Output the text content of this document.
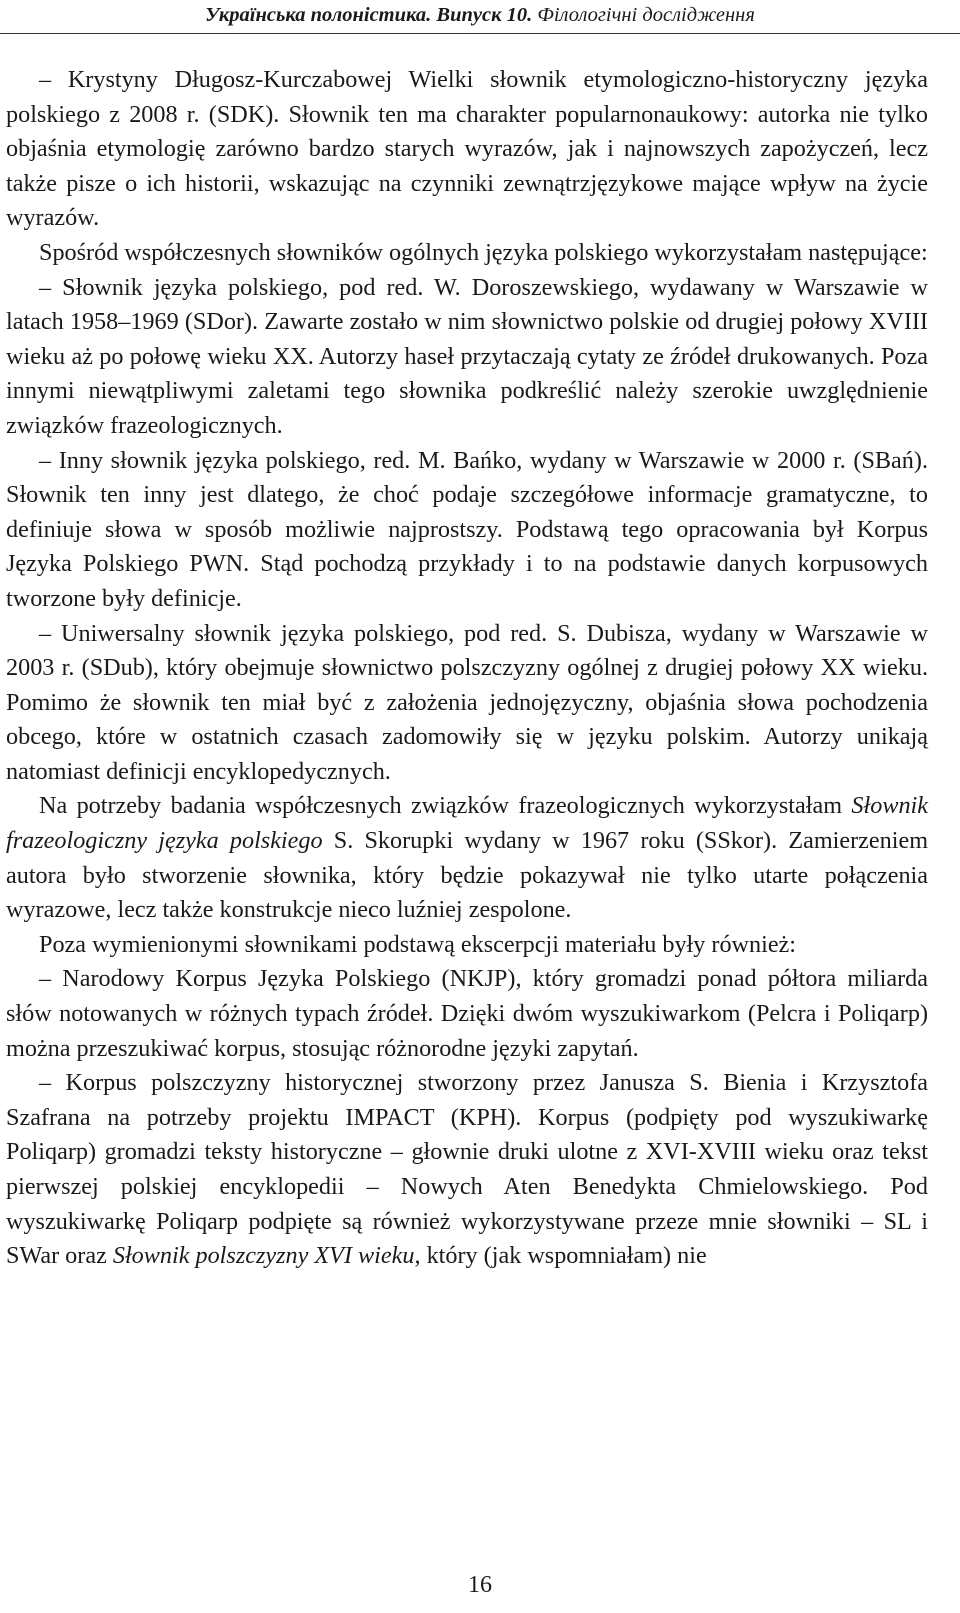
Українська полоністика. Випуск 10. Філологічні дослідження

– Krystyny Długosz-Kurczabowej Wielki słownik etymologiczno-historyczny języka polskiego z 2008 r. (SDK). Słownik ten ma charakter popularnonaukowy: autorka nie tylko objaśnia etymologię zarówno bardzo starych wyrazów, jak i najnowszych zapożyczeń, lecz także pisze o ich historii, wskazując na czynniki zewnątrzjęzykowe mające wpływ na życie wyrazów.

Spośród współczesnych słowników ogólnych języka polskiego wykorzystałam następujące:

– Słownik języka polskiego, pod red. W. Doroszewskiego, wydawany w Warszawie w latach 1958–1969 (SDor). Zawarte zostało w nim słownictwo polskie od drugiej połowy XVIII wieku aż po połowę wieku XX. Autorzy haseł przytaczają cytaty ze źródeł drukowanych. Poza innymi niewątpliwymi zaletami tego słownika podkreślić należy szerokie uwzględnienie związków frazeologicznych.

– Inny słownik języka polskiego, red. M. Bańko, wydany w Warszawie w 2000 r. (SBań). Słownik ten inny jest dlatego, że choć podaje szczegółowe informacje gramatyczne, to definiuje słowa w sposób możliwie najprostszy. Podstawą tego opracowania był Korpus Języka Polskiego PWN. Stąd pochodzą przykłady i to na podstawie danych korpusowych tworzone były definicje.

– Uniwersalny słownik języka polskiego, pod red. S. Dubisza, wydany w Warszawie w 2003 r. (SDub), który obejmuje słownictwo polszczyzny ogólnej z drugiej połowy XX wieku. Pomimo że słownik ten miał być z założenia jednojęzyczny, objaśnia słowa pochodzenia obcego, które w ostatnich czasach zadomowiły się w języku polskim. Autorzy unikają natomiast definicji encyklopedycznych.

Na potrzeby badania współczesnych związków frazeologicznych wykorzystałam Słownik frazeologiczny języka polskiego S. Skorupki wydany w 1967 roku (SSkor). Zamierzeniem autora było stworzenie słownika, który będzie pokazywał nie tylko utarte połączenia wyrazowe, lecz także konstrukcje nieco luźniej zespolone.

Poza wymienionymi słownikami podstawą ekscerpcji materiału były również:

– Narodowy Korpus Języka Polskiego (NKJP), który gromadzi ponad półtora miliarda słów notowanych w różnych typach źródeł. Dzięki dwóm wyszukiwarkom (Pelcra i Poliqarp) można przeszukiwać korpus, stosując różnorodne języki zapytań.

– Korpus polszczyzny historycznej stworzony przez Janusza S. Bienia i Krzysztofa Szafrana na potrzeby projektu IMPACT (KPH). Korpus (podpięty pod wyszukiwarkę Poliqarp) gromadzi teksty historyczne – głownie druki ulotne z XVI-XVIII wieku oraz tekst pierwszej polskiej encyklopedii – Nowych Aten Benedykta Chmielowskiego. Pod wyszukiwarkę Poliqarp podpięte są również wykorzystywane przeze mnie słowniki – SL i SWar oraz Słownik polszczyzny XVI wieku, który (jak wspomniałam) nie

16
